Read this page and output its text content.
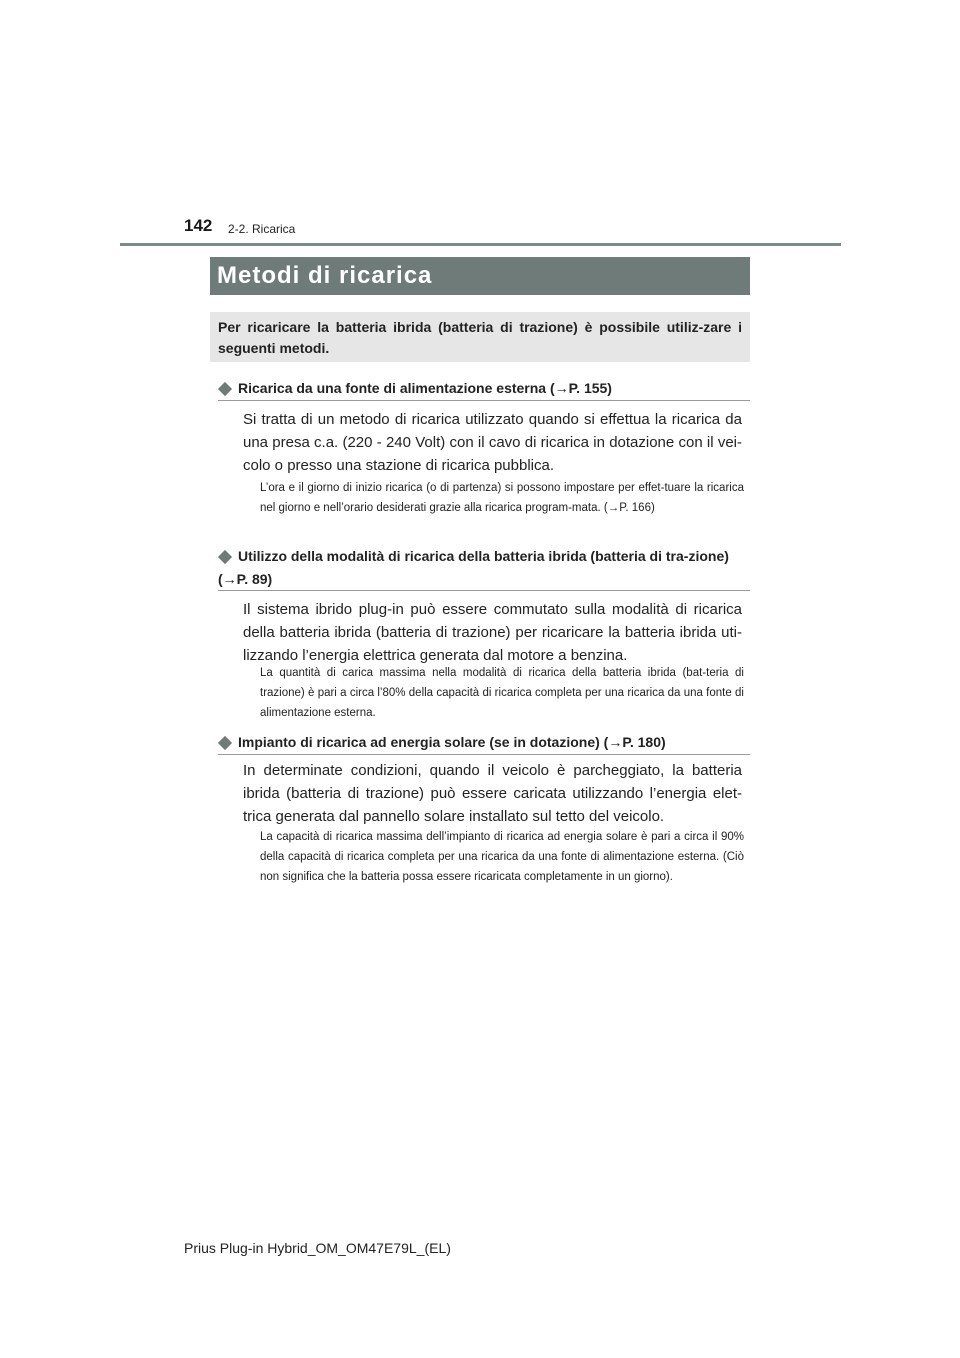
142 2-2. Ricarica
Metodi di ricarica
Per ricaricare la batteria ibrida (batteria di trazione) è possibile utiliz-zare i seguenti metodi.
Ricarica da una fonte di alimentazione esterna (→P. 155)
Si tratta di un metodo di ricarica utilizzato quando si effettua la ricarica da una presa c.a. (220 - 240 Volt) con il cavo di ricarica in dotazione con il vei-colo o presso una stazione di ricarica pubblica.
L’ora e il giorno di inizio ricarica (o di partenza) si possono impostare per effet-tuare la ricarica nel giorno e nell’orario desiderati grazie alla ricarica program-mata. (→P. 166)
Utilizzo della modalità di ricarica della batteria ibrida (batteria di tra-zione) (→P. 89)
Il sistema ibrido plug-in può essere commutato sulla modalità di ricarica della batteria ibrida (batteria di trazione) per ricaricare la batteria ibrida uti-lizzando l’energia elettrica generata dal motore a benzina.
La quantità di carica massima nella modalità di ricarica della batteria ibrida (bat-teria di trazione) è pari a circa l’80% della capacità di ricarica completa per una ricarica da una fonte di alimentazione esterna.
Impianto di ricarica ad energia solare (se in dotazione) (→P. 180)
In determinate condizioni, quando il veicolo è parcheggiato, la batteria ibrida (batteria di trazione) può essere caricata utilizzando l’energia elet-trica generata dal pannello solare installato sul tetto del veicolo.
La capacità di ricarica massima dell’impianto di ricarica ad energia solare è pari a circa il 90% della capacità di ricarica completa per una ricarica da una fonte di alimentazione esterna. (Ciò non significa che la batteria possa essere ricaricata completamente in un giorno).
Prius Plug-in Hybrid_OM_OM47E79L_(EL)
